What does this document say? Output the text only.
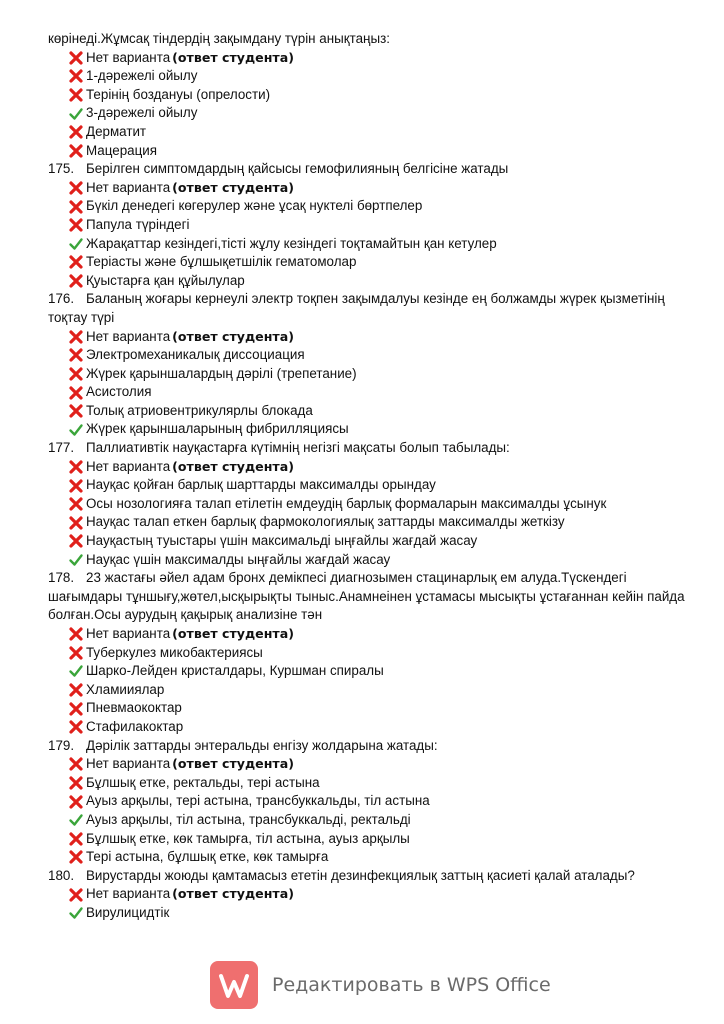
көрінеді.Жұмсақ тіндердің зақымдану түрін анықтаңыз:
Нет варианта (ответ студента)
1-дәрежелі ойылу
Терінің боздануы (опрелости)
3-дәрежелі ойылу
Дерматит
Мацерация
175. Берілген симптомдардың қайсысы гемофилияның белгісіне жатады
Нет варианта (ответ студента)
Бүкіл денедегі көгерулер және ұсақ нуктелі бөртпелер
Папула түріндегі
Жарақаттар кезіндегі,тісті жұлу кезіндегі тоқтамайтын қан кетулер
Теріасты және бұлшықетшілік гематомолар
Қуыстарға қан құйылулар
176. Баланың жоғары кернеулі электр тоқпен зақымдалуы кезінде ең болжамды жүрек қызметінің тоқтау түрі
Нет варианта (ответ студента)
Электромеханикалық диссоциация
Жүрек қарыншалардың дәрілі (трепетание)
Асистолия
Толық атриовентрикулярлы блокада
Жүрек қарыншаларының фибрилляциясы
177. Паллиативтік науқастарға күтімнің негізгі мақсаты болып табылады:
Нет варианта (ответ студента)
Науқас қойған барлық шарттарды максималды орындау
Осы нозологияға талап етілетін емдеудің барлық формаларын максималды ұсынук
Науқас талап еткен барлық фармокологиялық заттарды максималды жеткізу
Науқастың туыстары үшін максимальді ыңғайлы жағдай жасау
Науқас үшін максималды ыңғайлы жағдай жасау
178. 23 жастағы әйел адам бронх демікпесі диагнозымен стацинарлық ем алуда.Түскендегі шағымдары тұншығу,жөтел,ысқырықты тыныс.Анамнеінен ұстамасы мысықты ұстағаннан кейін пайда болған.Осы аурудың қақырық анализіне тән
Нет варианта (ответ студента)
Туберкулез микобактериясы
Шарко-Лейден кристалдары, Куршман спиралы
Хламииялар
Пневмаококтар
Стафилакоктар
179. Дәрілік заттарды энтеральды енгізу жолдарына жатады:
Нет варианта (ответ студента)
Бұлшық етке, ректальды, тері астына
Ауыз арқылы, тері астына, трансбуккальды, тіл астына
Ауыз арқылы, тіл астына, трансбуккальді, ректальді
Бұлшық етке, көк тамырға, тіл астына, ауыз арқылы
Тері астына, бұлшық етке, көк тамырға
180. Вирустарды жоюды қамтамасыз ететін дезинфекциялық заттың қасиеті қалай аталады?
Нет варианта (ответ студента)
Вирулицидтік
Редактировать в WPS Office
